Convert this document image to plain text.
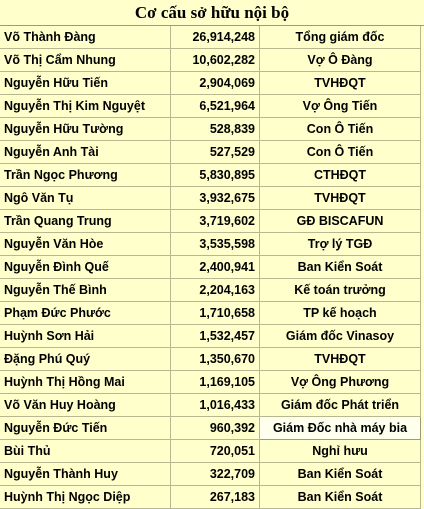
Cơ cấu sở hữu nội bộ
Võ Thành Đàng	26,914,248	Tổng giám đốc
Võ Thị Cẩm Nhung	10,602,282	Vợ Ô Đàng
Nguyễn Hữu Tiến	2,904,069	TVHĐQT
Nguyễn Thị Kim Nguyệt	6,521,964	Vợ Ông Tiến
Nguyễn Hữu Tường	528,839	Con Ô Tiến
Nguyễn Anh Tài	527,529	Con Ô Tiến
Trần Ngọc Phương	5,830,895	CTHĐQT
Ngô Văn Tụ	3,932,675	TVHĐQT
Trần Quang Trung	3,719,602	GĐ BISCAFUN
Nguyễn Văn Hòe	3,535,598	Trợ lý TGĐ
Nguyễn Đình Quế	2,400,941	Ban Kiển Soát
Nguyễn Thế Bình	2,204,163	Kế toán trưởng
Phạm Đức Phước	1,710,658	TP kế hoạch
Huỳnh Sơn Hải	1,532,457	Giám đốc Vinasoy
Đặng Phú Quý	1,350,670	TVHĐQT
Huỳnh Thị Hồng Mai	1,169,105	Vợ Ông Phương
Võ Văn Huy Hoàng	1,016,433	Giám đốc Phát triển
Nguyễn Đức Tiến	960,392	Giám Đốc nhà máy bia
Bùi Thủ	720,051	Nghỉ hưu
Nguyễn Thành Huy	322,709	Ban Kiển Soát
Huỳnh Thị Ngọc Diệp	267,183	Ban Kiển Soát
